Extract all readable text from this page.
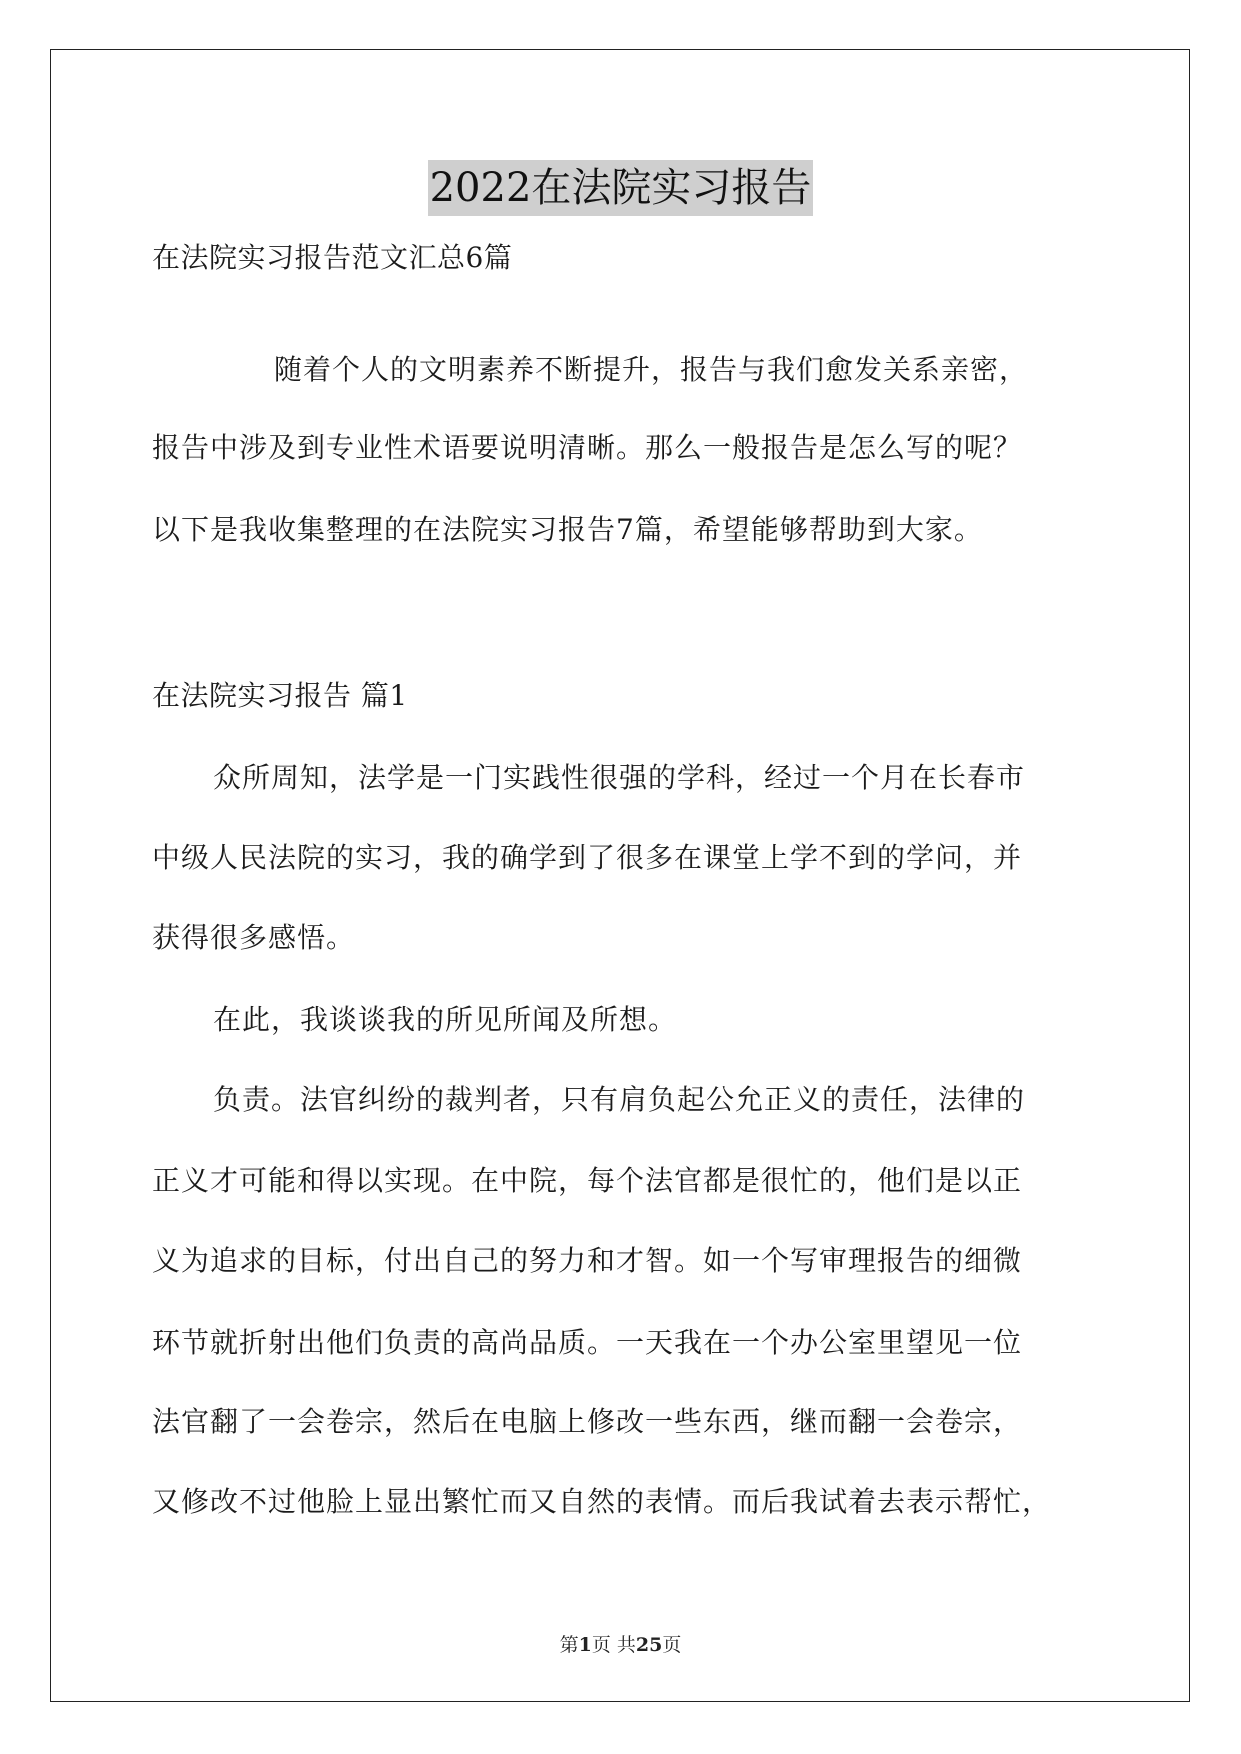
2022在法院实习报告
在法院实习报告范文汇总6篇
随着个人的文明素养不断提升，报告与我们愈发关系亲密，
报告中涉及到专业性术语要说明清晰。那么一般报告是怎么写的呢？
以下是我收集整理的在法院实习报告7篇，希望能够帮助到大家。
在法院实习报告 篇1
众所周知，法学是一门实践性很强的学科，经过一个月在长春市
中级人民法院的实习，我的确学到了很多在课堂上学不到的学问，并
获得很多感悟。
在此，我谈谈我的所见所闻及所想。
负责。法官纠纷的裁判者，只有肩负起公允正义的责任，法律的
正义才可能和得以实现。在中院，每个法官都是很忙的，他们是以正
义为追求的目标，付出自己的努力和才智。如一个写审理报告的细微
环节就折射出他们负责的高尚品质。一天我在一个办公室里望见一位
法官翻了一会卷宗，然后在电脑上修改一些东西，继而翻一会卷宗，
又修改不过他脸上显出繁忙而又自然的表情。而后我试着去表示帮忙，
第1页 共25页
